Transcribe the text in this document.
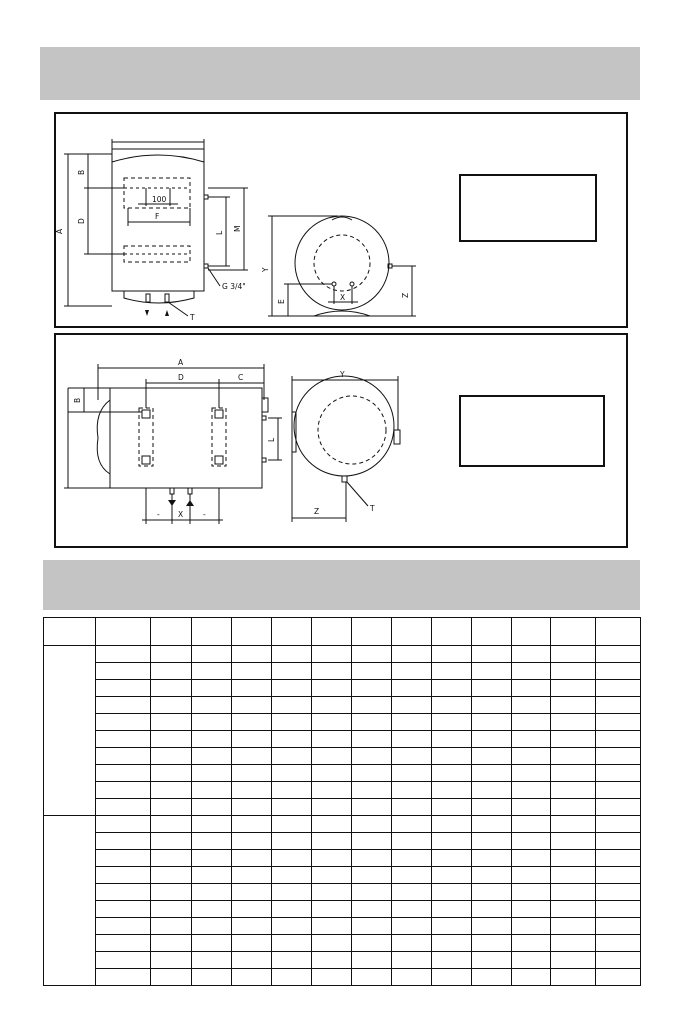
A
B
D
100
F
L
M
G 3/4"
T
Y
E	X	Z
A
D	C
B
L
- X	-
Y
Z	T
